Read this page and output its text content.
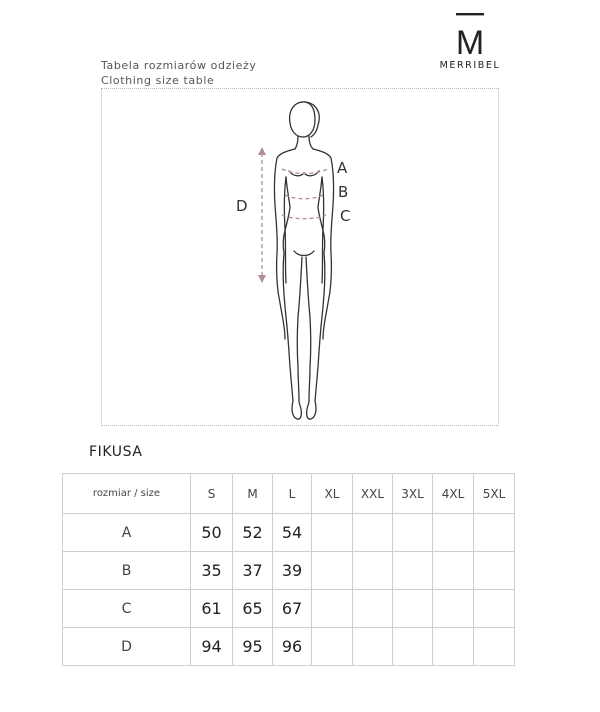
M
MERRIBEL
Tabela rozmiarów odzieży
Clothing size table
A
B
C
D
FIKUSA
rozmiar / size	S	M	L	XL	XXL	3XL	4XL	5XL
A	50	52	54					
B	35	37	39					
C	61	65	67					
D	94	95	96					
